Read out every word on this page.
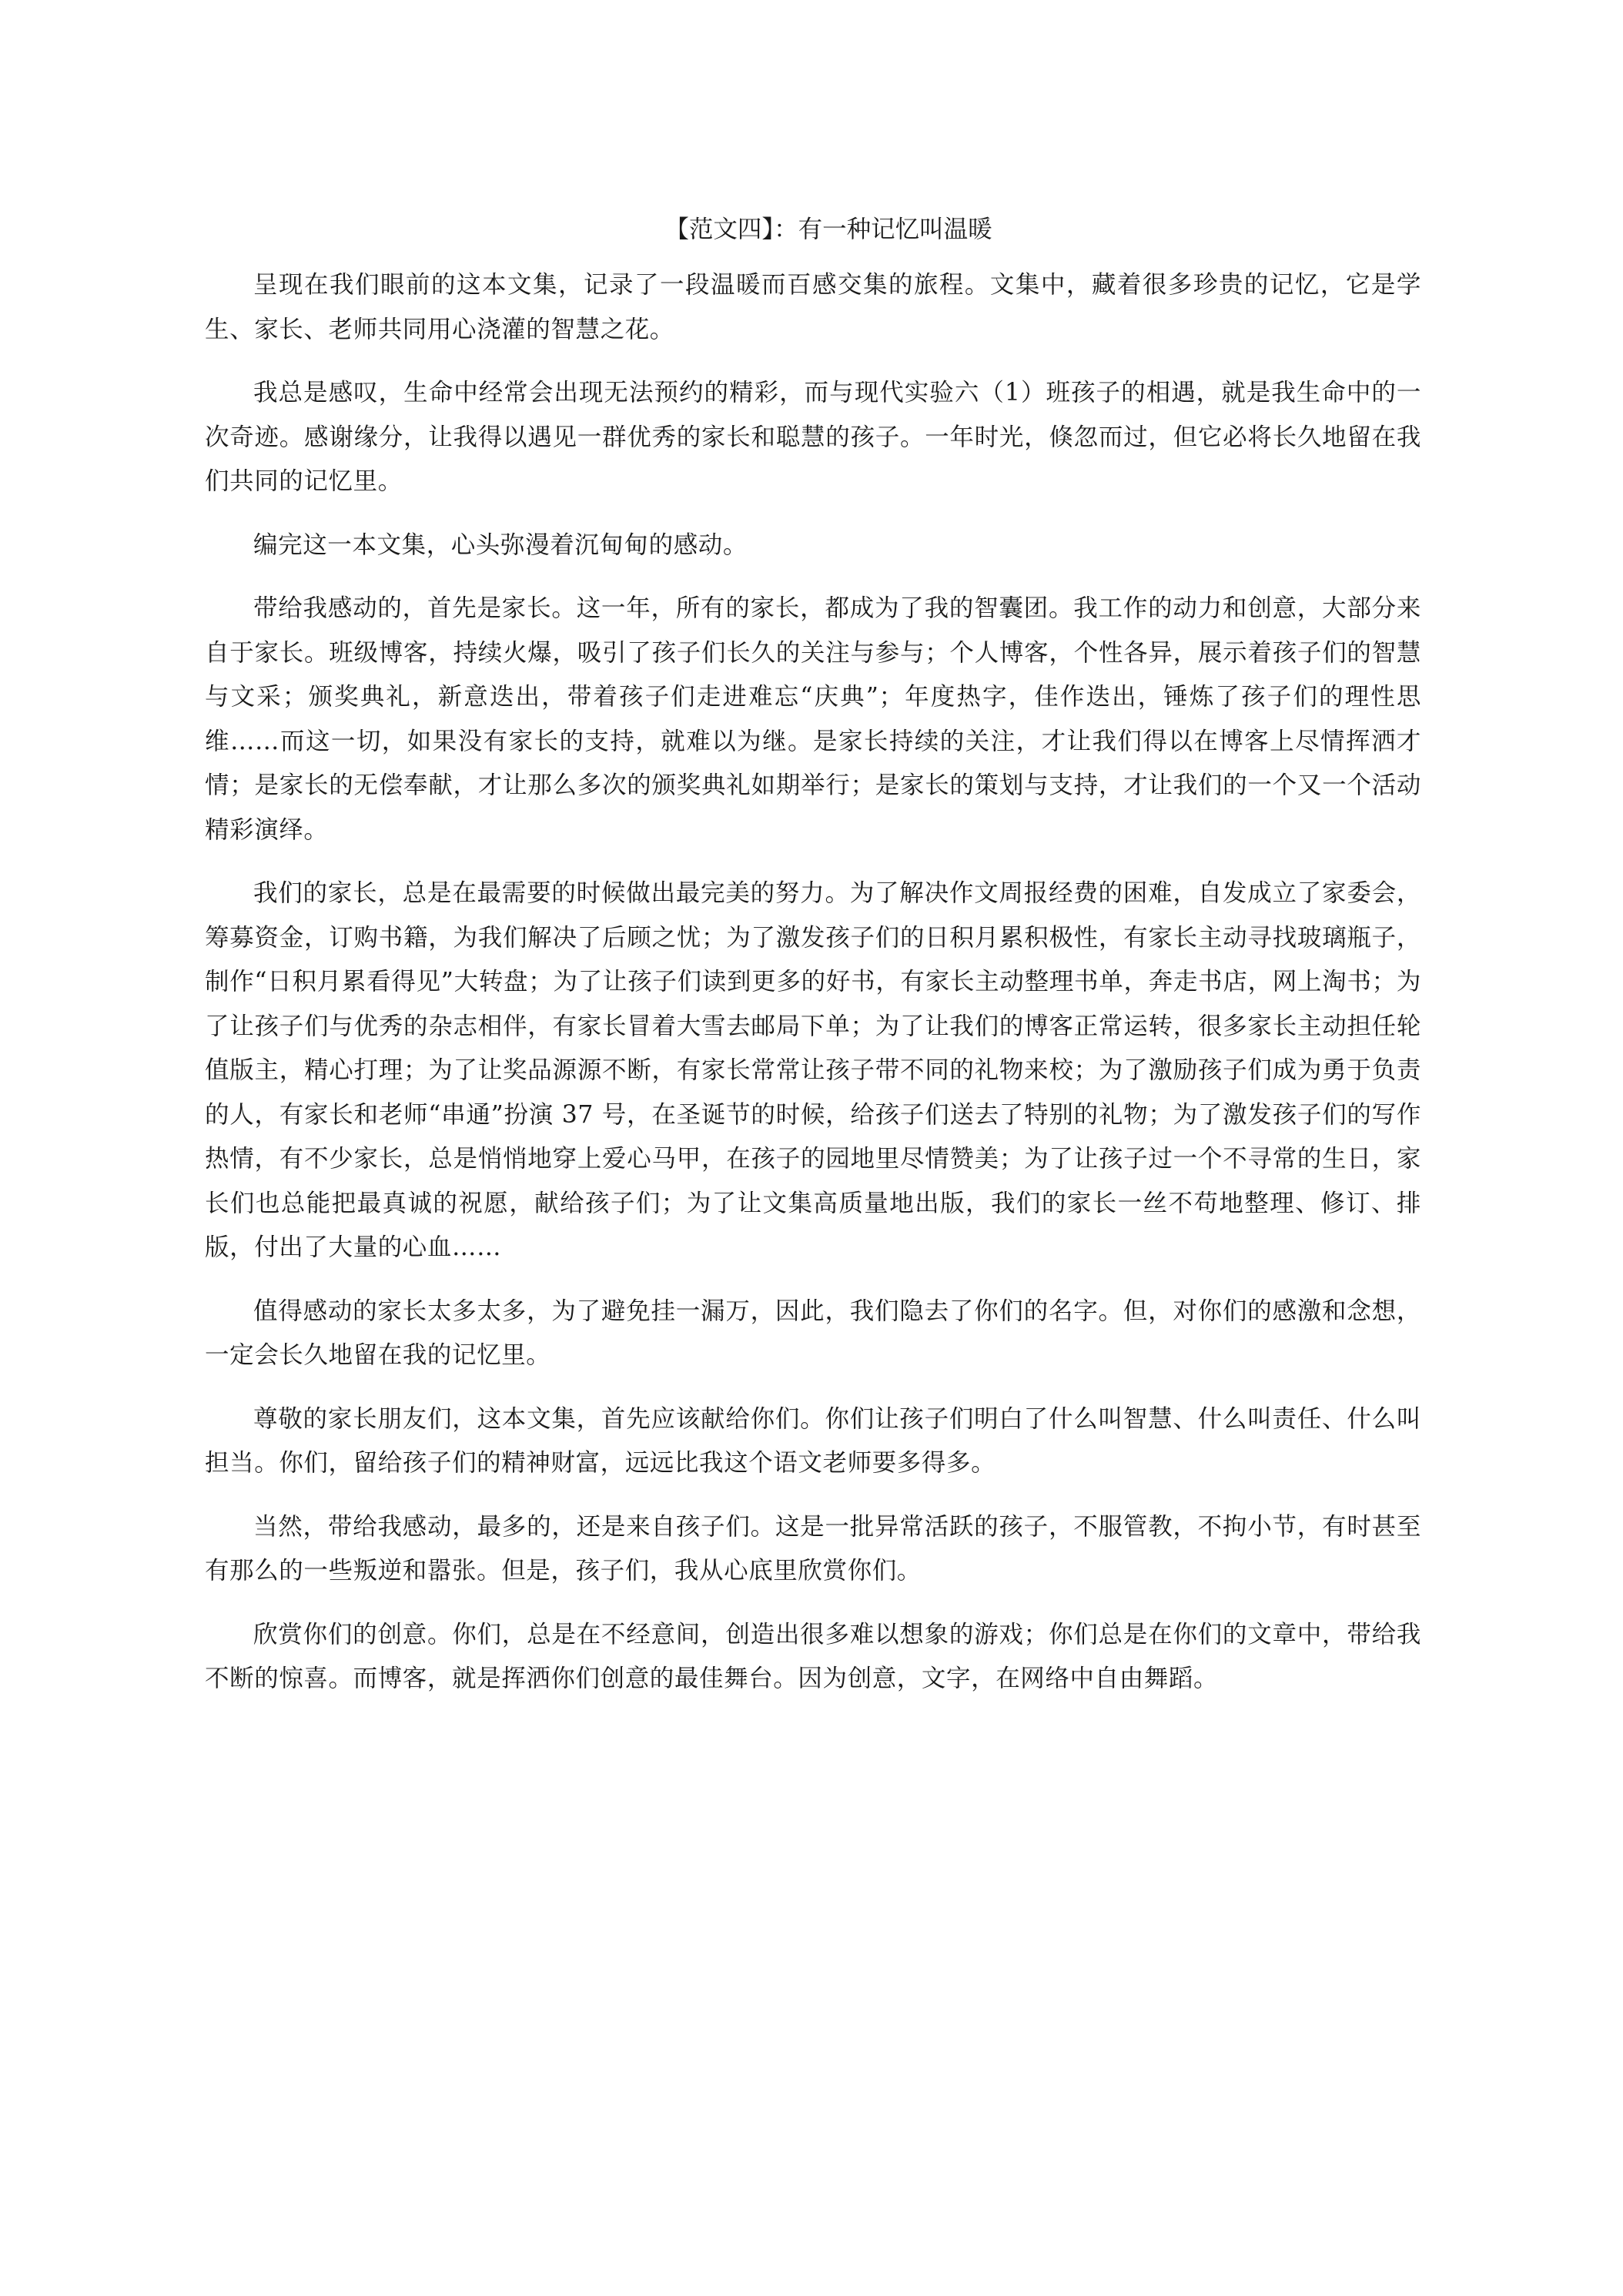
【范文四】：有一种记忆叫温暖

呈现在我们眼前的这本文集，记录了一段温暖而百感交集的旅程。文集中，藏着很多珍贵的记忆，它是学生、家长、老师共同用心浇灌的智慧之花。

我总是感叹，生命中经常会出现无法预约的精彩，而与现代实验六（1）班孩子的相遇，就是我生命中的一次奇迹。感谢缘分，让我得以遇见一群优秀的家长和聪慧的孩子。一年时光，倏忽而过，但它必将长久地留在我们共同的记忆里。

编完这一本文集，心头弥漫着沉甸甸的感动。

带给我感动的，首先是家长。这一年，所有的家长，都成为了我的智囊团。我工作的动力和创意，大部分来自于家长。班级博客，持续火爆，吸引了孩子们长久的关注与参与；个人博客，个性各异，展示着孩子们的智慧与文采；颁奖典礼，新意迭出，带着孩子们走进难忘“庆典”；年度热字，佳作迭出，锤炼了孩子们的理性思维……而这一切，如果没有家长的支持，就难以为继。是家长持续的关注，才让我们得以在博客上尽情挥洒才情；是家长的无偿奉献，才让那么多次的颁奖典礼如期举行；是家长的策划与支持，才让我们的一个又一个活动精彩演绎。

我们的家长，总是在最需要的时候做出最完美的努力。为了解决作文周报经费的困难，自发成立了家委会，筹募资金，订购书籍，为我们解决了后顾之忧；为了激发孩子们的日积月累积极性，有家长主动寻找玻璃瓶子，制作“日积月累看得见”大转盘；为了让孩子们读到更多的好书，有家长主动整理书单，奔走书店，网上淘书；为了让孩子们与优秀的杂志相伴，有家长冒着大雪去邮局下单；为了让我们的博客正常运转，很多家长主动担任轮值版主，精心打理；为了让奖品源源不断，有家长常常让孩子带不同的礼物来校；为了激励孩子们成为勇于负责的人，有家长和老师“串通”扮演 37 号，在圣诞节的时候，给孩子们送去了特别的礼物；为了激发孩子们的写作热情，有不少家长，总是悄悄地穿上爱心马甲，在孩子的园地里尽情赞美；为了让孩子过一个不寻常的生日，家长们也总能把最真诚的祝愿，献给孩子们；为了让文集高质量地出版，我们的家长一丝不苟地整理、修订、排版，付出了大量的心血……

值得感动的家长太多太多，为了避免挂一漏万，因此，我们隐去了你们的名字。但，对你们的感激和念想，一定会长久地留在我的记忆里。

尊敬的家长朋友们，这本文集，首先应该献给你们。你们让孩子们明白了什么叫智慧、什么叫责任、什么叫担当。你们，留给孩子们的精神财富，远远比我这个语文老师要多得多。

当然，带给我感动，最多的，还是来自孩子们。这是一批异常活跃的孩子，不服管教，不拘小节，有时甚至有那么的一些叛逆和嚣张。但是，孩子们，我从心底里欣赏你们。

欣赏你们的创意。你们，总是在不经意间，创造出很多难以想象的游戏；你们总是在你们的文章中，带给我不断的惊喜。而博客，就是挥洒你们创意的最佳舞台。因为创意，文字，在网络中自由舞蹈。
